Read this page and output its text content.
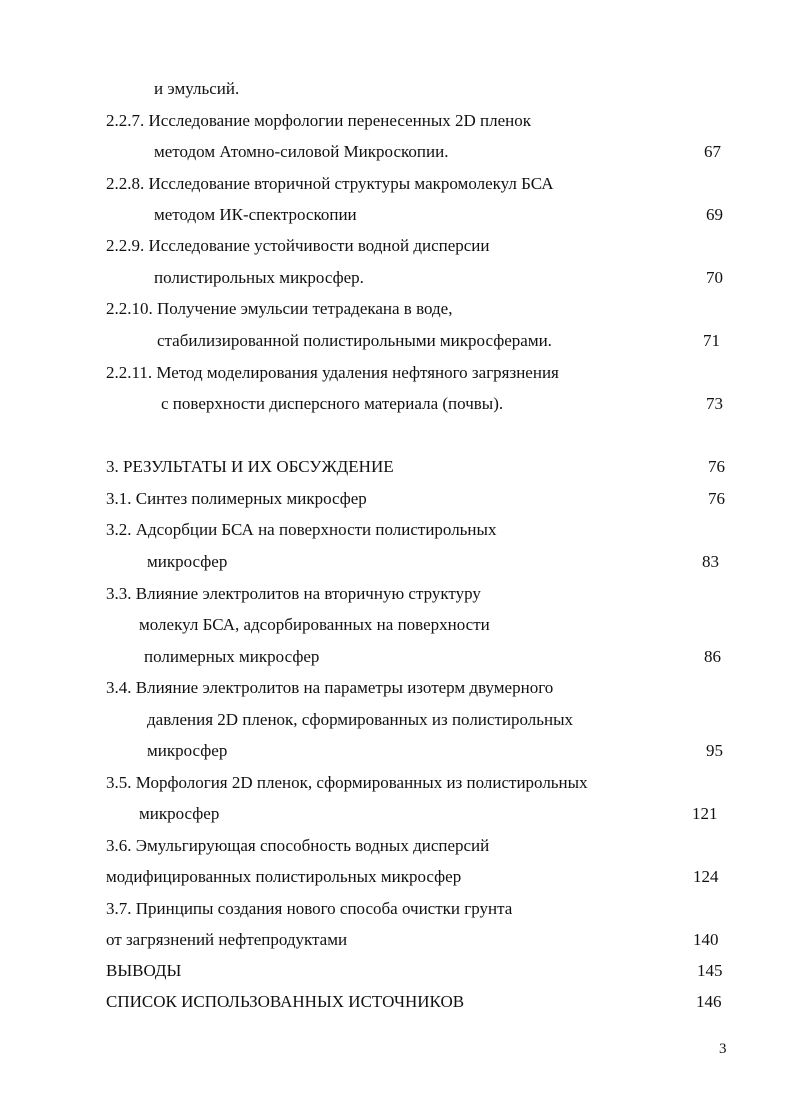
и эмульсий.
2.2.7. Исследование морфологии перенесенных 2D пленок
методом Атомно-силовой Микроскопии.	67
2.2.8. Исследование вторичной структуры макромолекул БСА
методом ИК-спектроскопии	69
2.2.9. Исследование устойчивости водной дисперсии
полистирольных микросфер.	70
2.2.10. Получение эмульсии тетрадекана в воде,
стабилизированной полистирольными микросферами.	71
2.2.11. Метод моделирования удаления нефтяного загрязнения
с поверхности дисперсного материала (почвы).	73
3. РЕЗУЛЬТАТЫ И ИХ ОБСУЖДЕНИЕ	76
3.1. Синтез полимерных микросфер	76
3.2. Адсорбции БСА на поверхности полистирольных
микросфер	83
3.3. Влияние электролитов на вторичную структуру
молекул БСА, адсорбированных на поверхности
полимерных микросфер	86
3.4. Влияние электролитов на параметры изотерм двумерного
давления 2D пленок, сформированных из полистирольных
микросфер	95
3.5. Морфология 2D пленок, сформированных из полистирольных
микросфер	121
3.6. Эмульгирующая способность водных дисперсий
модифицированных полистирольных микросфер	124
3.7. Принципы создания нового способа очистки грунта
от загрязнений нефтепродуктами	140
ВЫВОДЫ	145
СПИСОК ИСПОЛЬЗОВАННЫХ ИСТОЧНИКОВ	146
3
